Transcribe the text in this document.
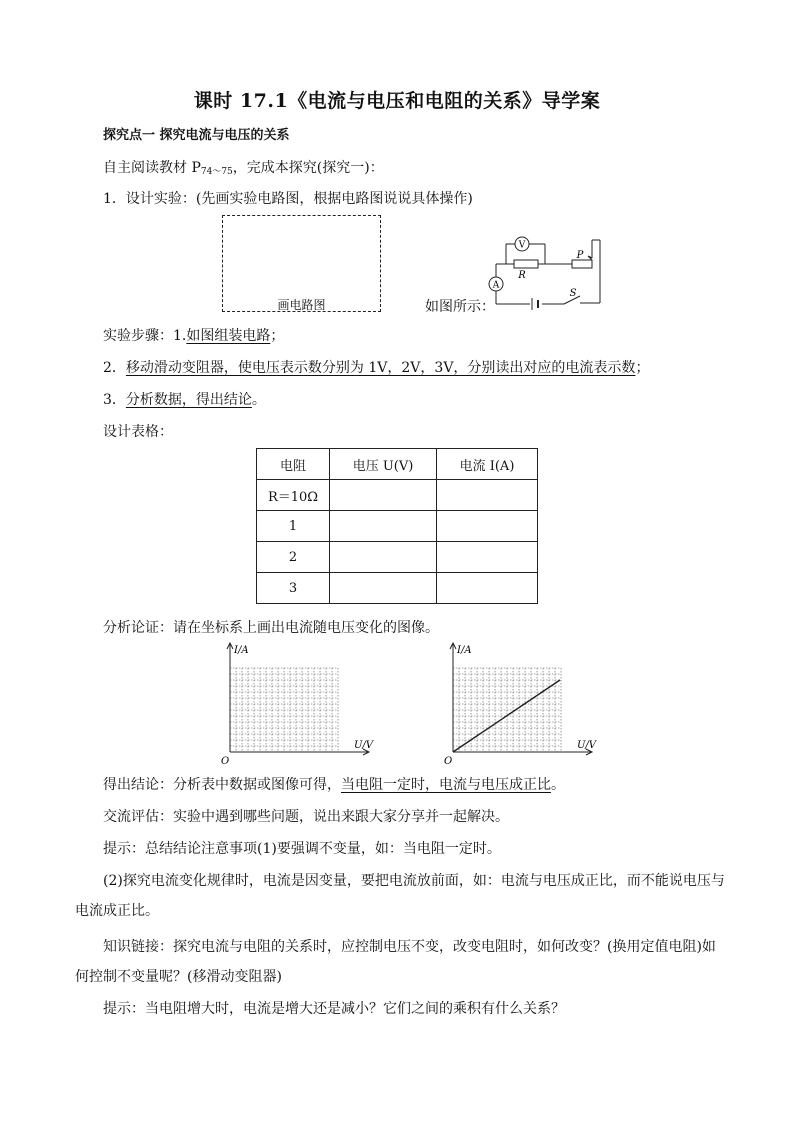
课时 17.1《电流与电压和电阻的关系》导学案
探究点一 探究电流与电压的关系
自主阅读教材 $P_{74\sim 75}$，完成本探究(探究一)：
1．设计实验：(先画实验电路图，根据电路图说说具体操作)
画电路图	如图所示：
V
A
R
P
S
实验步骤：1.如图组装电路；
2．移动滑动变阻器，使电压表示数分别为 1V，2V，3V，分别读出对应的电流表示数；
3．分析数据，得出结论。
设计表格：
电阻	电压 U(V)	电流 I(A)
R＝10Ω		
1		
2		
3		
分析论证：请在坐标系上画出电流随电压变化的图像。
I/A
U/V
O
I/A
U/V
O
得出结论：分析表中数据或图像可得，当电阻一定时，电流与电压成正比。
交流评估：实验中遇到哪些问题，说出来跟大家分享并一起解决。
提示：总结结论注意事项(1)要强调不变量，如：当电阻一定时。
(2)探究电流变化规律时，电流是因变量，要把电流放前面，如：电流与电压成正比，而不能说电压与电流成正比。
知识链接：探究电流与电阻的关系时，应控制电压不变，改变电阻时，如何改变？(换用定值电阻)如何控制不变量呢？(移滑动变阻器)
提示：当电阻增大时，电流是增大还是减小？它们之间的乘积有什么关系？
